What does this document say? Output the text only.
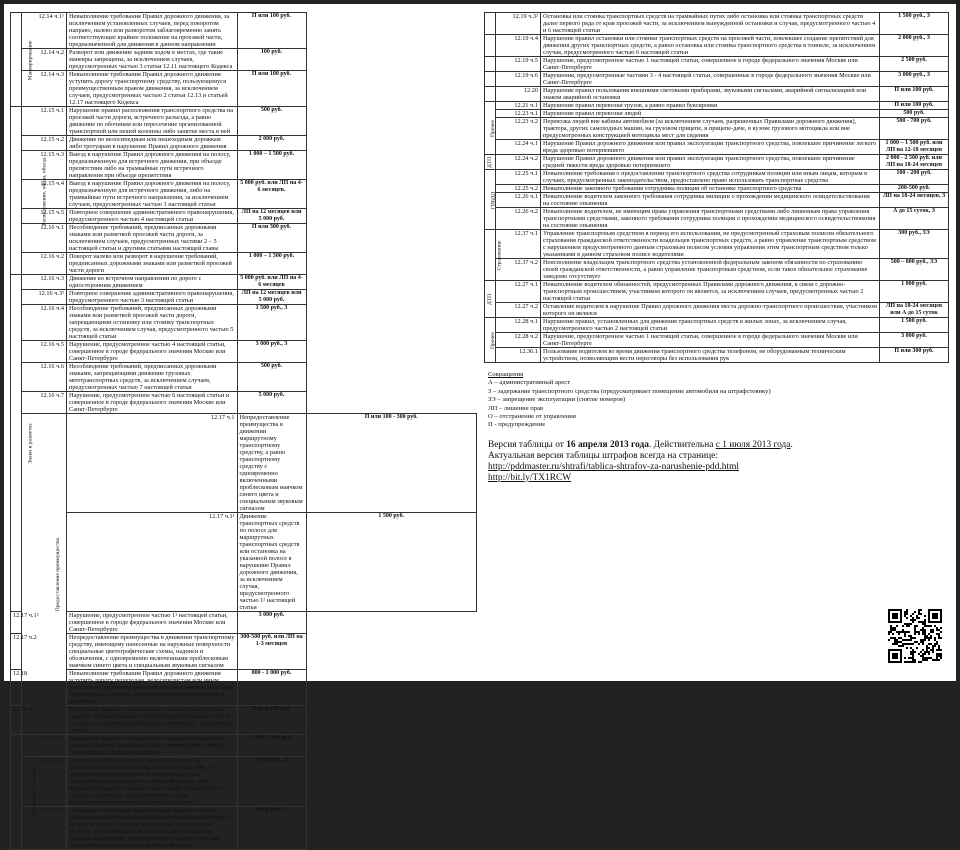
Маневрирование	12.14 ч.1¹	Невыполнение требования Правил дорожного движения, за исключением установленных случаев, перед поворотом направо, налево или разворотом заблаговременно занять соответствующее крайнее положение на проезжей части, предназначенной для движения в данном направлении	П или 100 руб.	
	12.14 ч.2	Разворот или движение задним ходом в местах, где такие маневры запрещены, за исключением случаев, предусмотренных частью 3 статьи 12.11 настоящего Кодекса	100 руб.	
	12.14 ч.3	Невыполнение требования Правил дорожного движения уступить дорогу транспортному средству, пользующемуся преимущественным правом движения, за исключением случаев, предусмотренных частью 2 статьи 12.13 и статьей 12.17 настоящего Кодекса	П или 100 руб.	
Расположение, обгон, объезд	12.15 ч.1	Нарушение правил расположения транспортного средства на проезжей части дороги, встречного разъезда, а равно движение по обочинам или пересечение организованной транспортной или пешей колонны либо занятие места в ней	500 руб.	
	12.15 ч.2	Движение по велосипедным или пешеходным дорожкам либо тротуарам в нарушение Правил дорожного движения	2 000 руб.	
	12.15 ч.3	Выезд в нарушение Правил дорожного движения на полосу, предназначенную для встречного движения, при объезде препятствия либо на трамвайные пути встречного направления при объезде препятствия	1 000 – 1 500 руб.	
	12.15 ч.4	Выезд в нарушение Правил дорожного движения на полосу, предназначенную для встречного движения, либо на трамвайные пути встречного направления, за исключением случаев, предусмотренных частью 3 настоящей статьи	5 000 руб. или ЛП на 4-6 месяцев.	
	12.15 ч.5	Повторное совершение административного правонарушения, предусмотренного частью 4 настоящей статьи	ЛП на 12 месяцев или 5 000 руб.	
	12.16 ч.1	Несоблюдение требований, предписанных дорожными знаками или разметкой проезжей части дороги, за исключением случаев, предусмотренных частями 2 – 5 настоящей статьи и другими статьями настоящей главы	П или 300 руб.	
	12.16 ч.2	Поворот налево или разворот в нарушение требований, предписанных дорожными знаками или разметкой проезжей части дороги	1 000 – 1 500 руб.	
Знаки и разметка	12.16 ч.3	Движение во встречном направлении по дороге с односторонним движением	5 000 руб. или ЛП на 4-6 месяцев	
	12.16 ч.3¹	Повторное совершение административного правонарушения, предусмотренного частью 3 настоящей статьи	ЛП на 12 месяцев или 5 000 руб.	
	12.16 ч.4	Несоблюдение требований, предписанных дорожными знаками или разметкой проезжей части дороги, запрещающими остановку или стоянку транспортных средств, за исключением случая, предусмотренного частью 5 настоящей статьи	1 500 руб., З	
	12.16 ч.5	Нарушение, предусмотренное частью 4 настоящей статьи, совершенное в городе федерального значения Москве или Санкт-Петербурге	3 000 руб., З	
	12.16 ч.6	Несоблюдение требований, предписанных дорожными знаками, запрещающими движение грузовых автотранспортных средств, за исключением случаев, предусмотренных частью 7 настоящей статьи	500 руб.	
	12.16 ч.7	Нарушение, предусмотренное частью 6 настоящей статьи и совершенное в городе федерального значения Москве или Санкт-Петербурге	5 000 руб.	
	Предоставление преимущества	12.17 ч.1	Непредоставление преимущества в движении маршрутному транспортному средству, а равно транспортному средству с одновременно включенными проблесковым маячком синего цвета и специальным звуковым сигналом	П или 100 - 300 руб.
		12.17 ч.1¹	Движение транспортных средств по полосе для маршрутных транспортных средств или остановка на указанной полосе в нарушение Правил дорожного движения, за исключением случая, предусмотренного частью 1² настоящей статьи	1 500 руб.
12.17 ч.1²		Нарушение, предусмотренное частью 1¹ настоящей статьи, совершенное в городе федерального значения Москве или Санкт-Петербурге	3 000 руб.	
12.17 ч.2		Непредоставление преимущества в движении транспортному средству, имеющему нанесенные на наружные поверхности специальные цветографические схемы, надписи и обозначения, с одновременно включенными проблесковым маячком синего цвета и специальным звуковым сигналом	300-500 руб. или ЛП на 1-3 месяцев	
12.18		Невыполнение требования Правил дорожного движения уступить дорогу пешеходам, велосипедистам или иным участникам дорожного движения (за исключением водителей транспортных средств), пользующимся преимуществом в движении	800 - 1 000 руб.	
12.19 ч.1		Нарушение правил остановки или стоянки транспортных средств, за исключением случаев, предусмотренных частью 1 статьи 12.10 настоящего Кодекса и частями 2 - 6 настоящей статьи	П или 300 руб.	
Остановка и стоянка	12.19 ч.2	Нарушение правил остановки или стоянки транспортных средств в местах, отведенных для остановки или стоянки транспортных средств инвалидов	3 000-5 000 руб.	
	12.19 ч.3	Остановка или стоянка транспортных средств на пешеходном переходе и ближе 5 метров перед ним, за исключением вынужденной остановки и случая, предусмотренного частью 6 настоящей статьи, либо нарушение правил остановки или стоянки транспортных средств на тротуаре, за исключением случая, предусмотренного частью 6 настоящей статьи	1 000 руб., З	
	12.19 ч.3¹	Остановка или стоянка транспортных средств в местах остановки маршрутных транспортных средств или ближе 15 метров от мест остановки маршрутных транспортных средств, за исключением остановки для посадки или высадки пассажиров, вынужденной остановки и случая, предусмотренного частью 6 настоящей статьи	1 000 руб., З	
	12.19 ч.3²	Остановка или стоянка транспортных средств на трамвайных путях либо остановка или стоянка транспортных средств далее первого ряда от края проезжей части, за исключением вынужденной остановки и случая, предусмотренного частью 4 и 6 настоящей статьи	1 500 руб., З
	12.19 ч.4	Нарушение правил остановки или стоянки транспортных средств на проезжей части, повлекшее создание препятствий для движения других транспортных средств, а равно остановка или стоянка транспортного средства в тоннеле, за исключением случая, предусмотренного частью 6 настоящей статьи	2 000 руб., З
	12.19 ч.5	Нарушение, предусмотренное частью 1 настоящей статьи, совершенное в городе федерального значения Москве или Санкт-Петербурге	2 500 руб.
	12.19 ч.6	Нарушения, предусмотренные частями 3 - 4 настоящей статьи, совершенные в городе федерального значения Москве или Санкт-Петербурге	3 000 руб., З
	12.20	Нарушение правил пользования внешними световыми приборами, звуковыми сигналами, аварийной сигнализацией или знаком аварийной остановки	П или 100 руб.
Прочее	12.21 ч.1	Нарушение правил перевозки грузов, а равно правил буксировки	П или 100 руб.
	12.23 ч.1	Нарушение правил перевозки людей	500 руб.
	12.23 ч.2	Перевозка людей вне кабины автомобиля (за исключением случаев, разрешенных Правилами дорожного движения), трактора, других самоходных машин, на грузовом прицепе, в прицепе-даче, в кузове грузового мотоцикла или вне предусмотренных конструкцией мотоцикла мест для сидения	500 - 700 руб.
	12.24 ч.1	Нарушение Правил дорожного движения или правил эксплуатации транспортного средства, повлекшее причинение легкого вреда здоровью потерпевшего	1 000 – 1 500 руб. или ЛП на 12-18 месяцев
ДТП	12.24 ч.2	Нарушение Правил дорожного движения или правил эксплуатации транспортного средства, повлекшее причинение средней тяжести вреда здоровью потерпевшего	2 000 - 2 500 руб. или ЛП на 18-24 месяцев
ГИБДД	12.25 ч.1	Невыполнение требования о предоставлении транспортного средства сотрудникам полиции или иным лицам, которым в случаях, предусмотренных законодательством, предоставлено право использовать транспортные средства	100 - 200 руб.
	12.25 ч.2	Невыполнение законного требования сотрудника полиции об остановке транспортного средства	200-500 руб.
	12.26 ч.1	Невыполнение водителем законного требования сотрудника милиции о прохождении медицинского освидетельствования на состояние опьянения	ЛП на 18-24 месяцев, З
	12.26 ч.2	Невыполнение водителем, не имеющим права управления транспортными средствами либо лишенным права управления транспортными средствами, законного требования сотрудника полиции о прохождении медицинского освидетельствования на состояние опьянения	А до 15 суток, З
Страхование	12.37 ч.1	Управление транспортным средством в период его использования, не предусмотренный страховым полисом обязательного страхования гражданской ответственности владельцев транспортных средств, а равно управление транспортным средством с нарушением предусмотренного данным страховым полисом условия управления этим транспортным средством только указанными в данном страховом полисе водителями	300 руб., ЗЭ
	12.37 ч.2	Неисполнение владельцем транспортного средства установленной федеральным законом обязанности по страхованию своей гражданской ответственности, а равно управление транспортным средством, если такое обязательное страхование заведомо отсутствует	500 – 800 руб., ЗЭ
ДТП	12.27 ч.1	Невыполнение водителем обязанностей, предусмотренных Правилами дорожного движения, в связи с дорожно-транспортным происшествием, участником которого он является, за исключением случаев, предусмотренных частью 2 настоящей статьи	1 000 руб.
	12.27 ч.2	Оставление водителем в нарушение Правил дорожного движения места дорожно-транспортного происшествия, участником которого он являлся	ЛП на 18-24 месяцев или А до 15 суток
Прочее	12.28 ч.1	Нарушение правил, установленных для движения транспортных средств в жилых зонах, за исключением случая, предусмотренного частью 2 настоящей статьи	1 500 руб.
	12.28 ч.2	Нарушение, предусмотренное частью 1 настоящей статьи, совершенное в городе федерального значения Москве или Санкт-Петербурге	3 000 руб.
	12.36.1	Пользование водителем во время движения транспортного средства телефоном, не оборудованным техническим устройством, позволяющим вести переговоры без использования рук	П или 300 руб.
Сокращения
А – административный арест
З – задержание транспортного средства (предусматривает помещение автомобиля на штрафстоянку)
ЗЭ – запрещение эксплуатации (снятие номеров)
ЛП – лишение прав
О – отстранение от управления
П - предупреждение
Версия таблицы от 16 апреля 2013 года. Действительна с 1 июля 2013 года.
Актуальная версия таблицы штрафов всегда на странице:
http://pddmaster.ru/shtrafi/tablica-shtrafov-za-narushenie-pdd.html
http://bit.ly/TX1RCW
